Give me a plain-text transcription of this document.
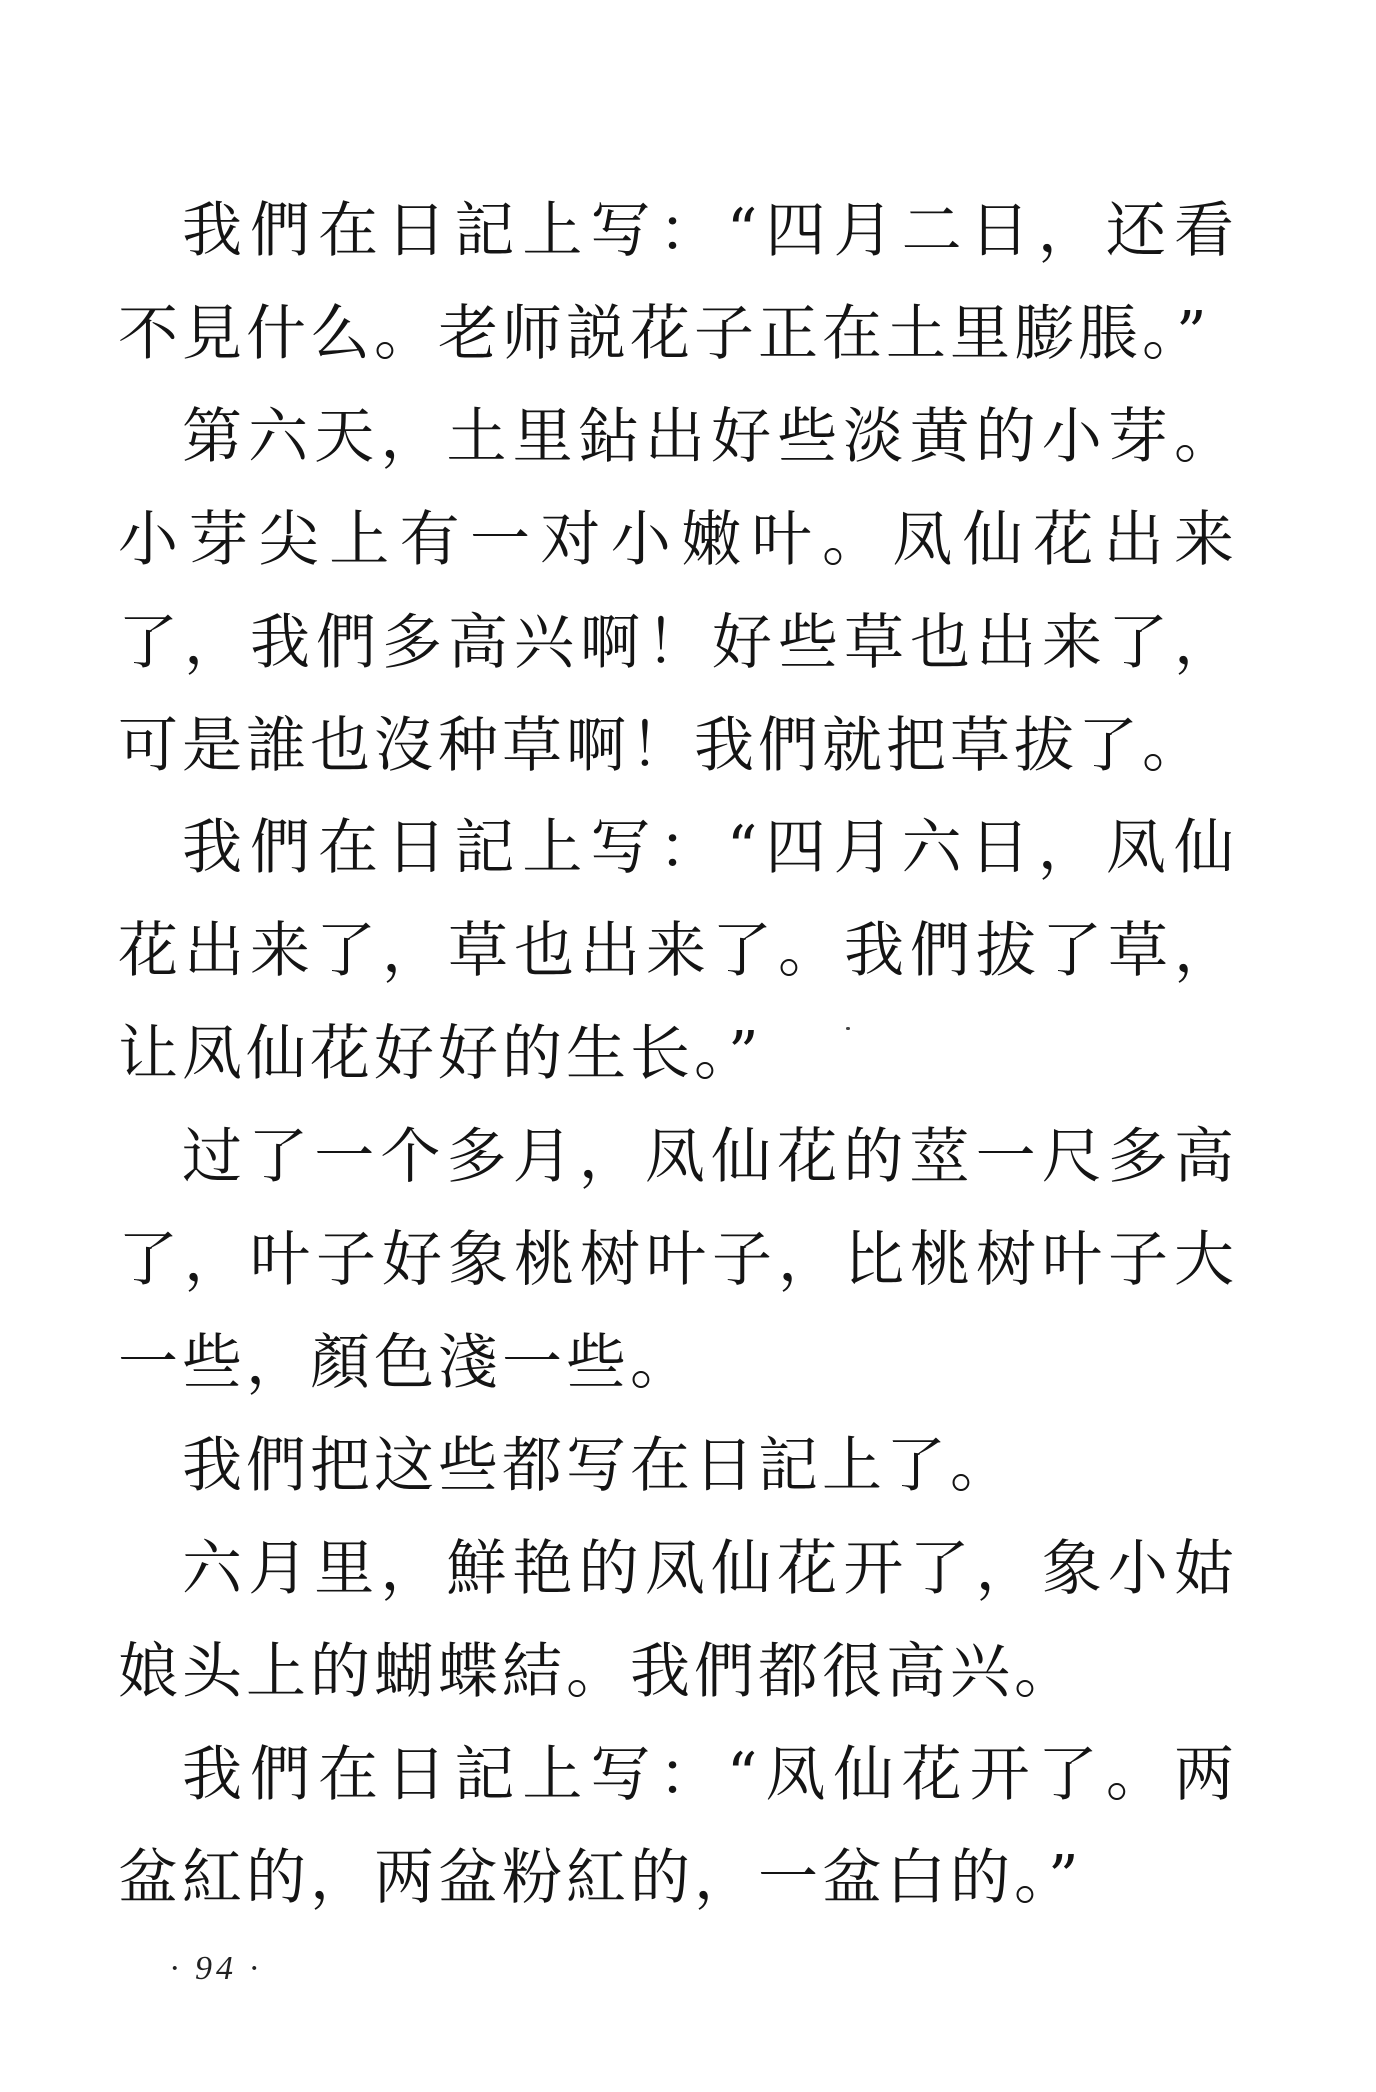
我們在日記上写：“四月二日，还看不見什么。老师説花子正在土里膨脹。”

第六天，土里鉆出好些淡黄的小芽。小芽尖上有一对小嫩叶。凤仙花出来了，我們多高兴啊！好些草也出来了，可是誰也沒种草啊！我們就把草拔了。

我們在日記上写：“四月六日，凤仙花出来了，草也出来了。我們拔了草，让凤仙花好好的生长。”

过了一个多月，凤仙花的莖一尺多高了，叶子好象桃树叶子，比桃树叶子大一些，顏色淺一些。

我們把这些都写在日記上了。

六月里，鮮艳的凤仙花开了，象小姑娘头上的蝴蝶結。我們都很高兴。

我們在日記上写：“凤仙花开了。两盆紅的，两盆粉紅的，一盆白的。”

· 94 ·
